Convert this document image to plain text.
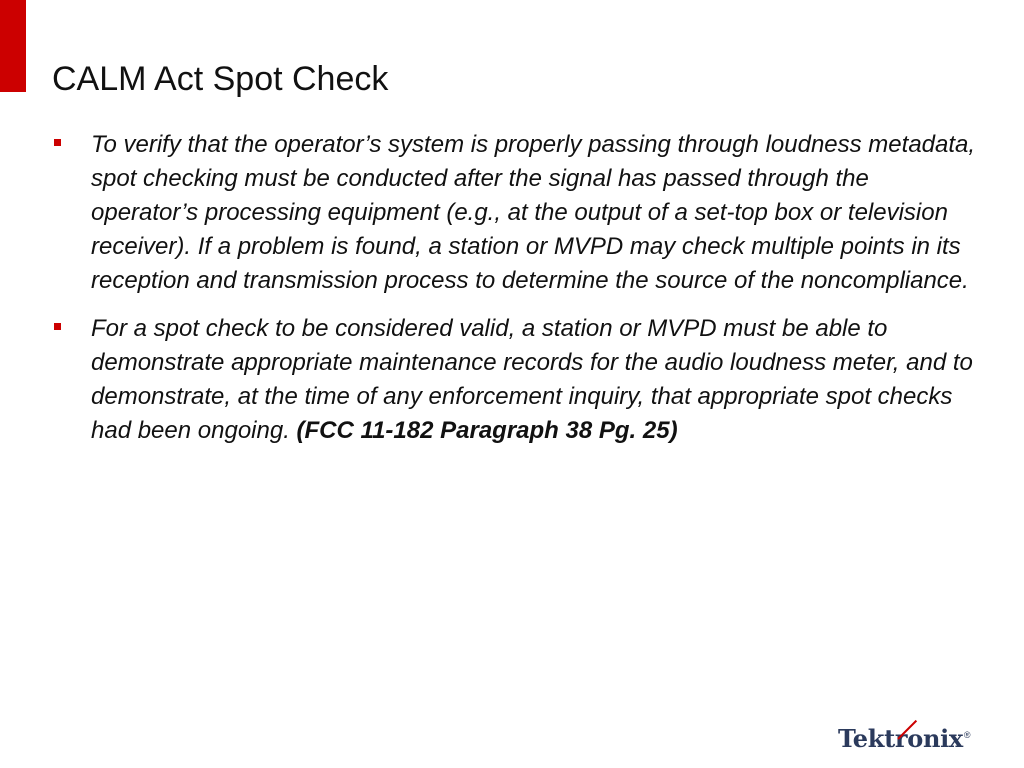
CALM Act Spot Check
To verify that the operator’s system is properly passing through loudness metadata, spot checking must be conducted after the signal has passed through the operator’s processing equipment (e.g., at the output of a set-top box or television receiver). If a problem is found, a station or MVPD may check multiple points in its reception and transmission process to determine the source of the noncompliance.
For a spot check to be considered valid, a station or MVPD must be able to demonstrate appropriate maintenance records for the audio loudness meter, and to demonstrate, at the time of any enforcement inquiry, that appropriate spot checks had been ongoing. (FCC 11-182 Paragraph 38 Pg. 25)
Tektronix ®
